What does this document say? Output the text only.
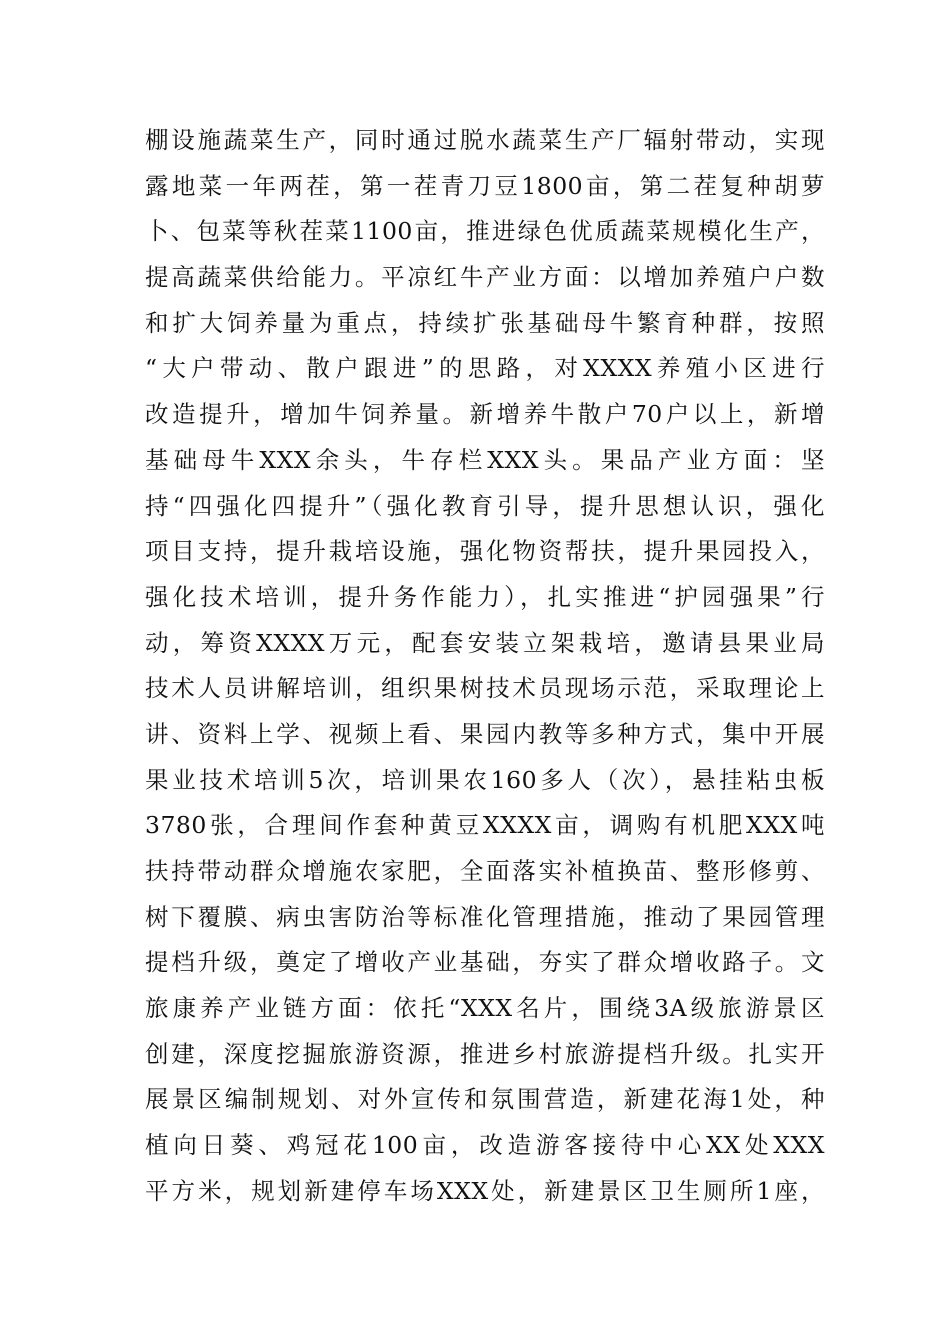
棚设施蔬菜生产，同时通过脱水蔬菜生产厂辐射带动，实现
露地菜一年两茬，第一茬青刀豆1800亩，第二茬复种胡萝
卜、包菜等秋茬菜1100亩，推进绿色优质蔬菜规模化生产，
提高蔬菜供给能力。平凉红牛产业方面：以增加养殖户户数
和扩大饲养量为重点，持续扩张基础母牛繁育种群，按照
“大户带动、散户跟进”的思路，对XXXX养殖小区进行
改造提升，增加牛饲养量。新增养牛散户70户以上，新增
基础母牛XXX余头，牛存栏XXX头。果品产业方面：坚
持“四强化四提升”（强化教育引导，提升思想认识，强化
项目支持，提升栽培设施，强化物资帮扶，提升果园投入，
强化技术培训，提升务作能力），扎实推进“护园强果”行
动，筹资XXXX万元，配套安装立架栽培，邀请县果业局
技术人员讲解培训，组织果树技术员现场示范，采取理论上
讲、资料上学、视频上看、果园内教等多种方式，集中开展
果业技术培训5次，培训果农160多人（次），悬挂粘虫板
3780张，合理间作套种黄豆XXXX亩，调购有机肥XXX吨
扶持带动群众增施农家肥，全面落实补植换苗、整形修剪、
树下覆膜、病虫害防治等标准化管理措施，推动了果园管理
提档升级，奠定了增收产业基础，夯实了群众增收路子。文
旅康养产业链方面：依托“XXX名片，围绕3A级旅游景区
创建，深度挖掘旅游资源，推进乡村旅游提档升级。扎实开
展景区编制规划、对外宣传和氛围营造，新建花海1处，种
植向日葵、鸡冠花100亩，改造游客接待中心XX处XXX
平方米，规划新建停车场XXX处，新建景区卫生厕所1座，
